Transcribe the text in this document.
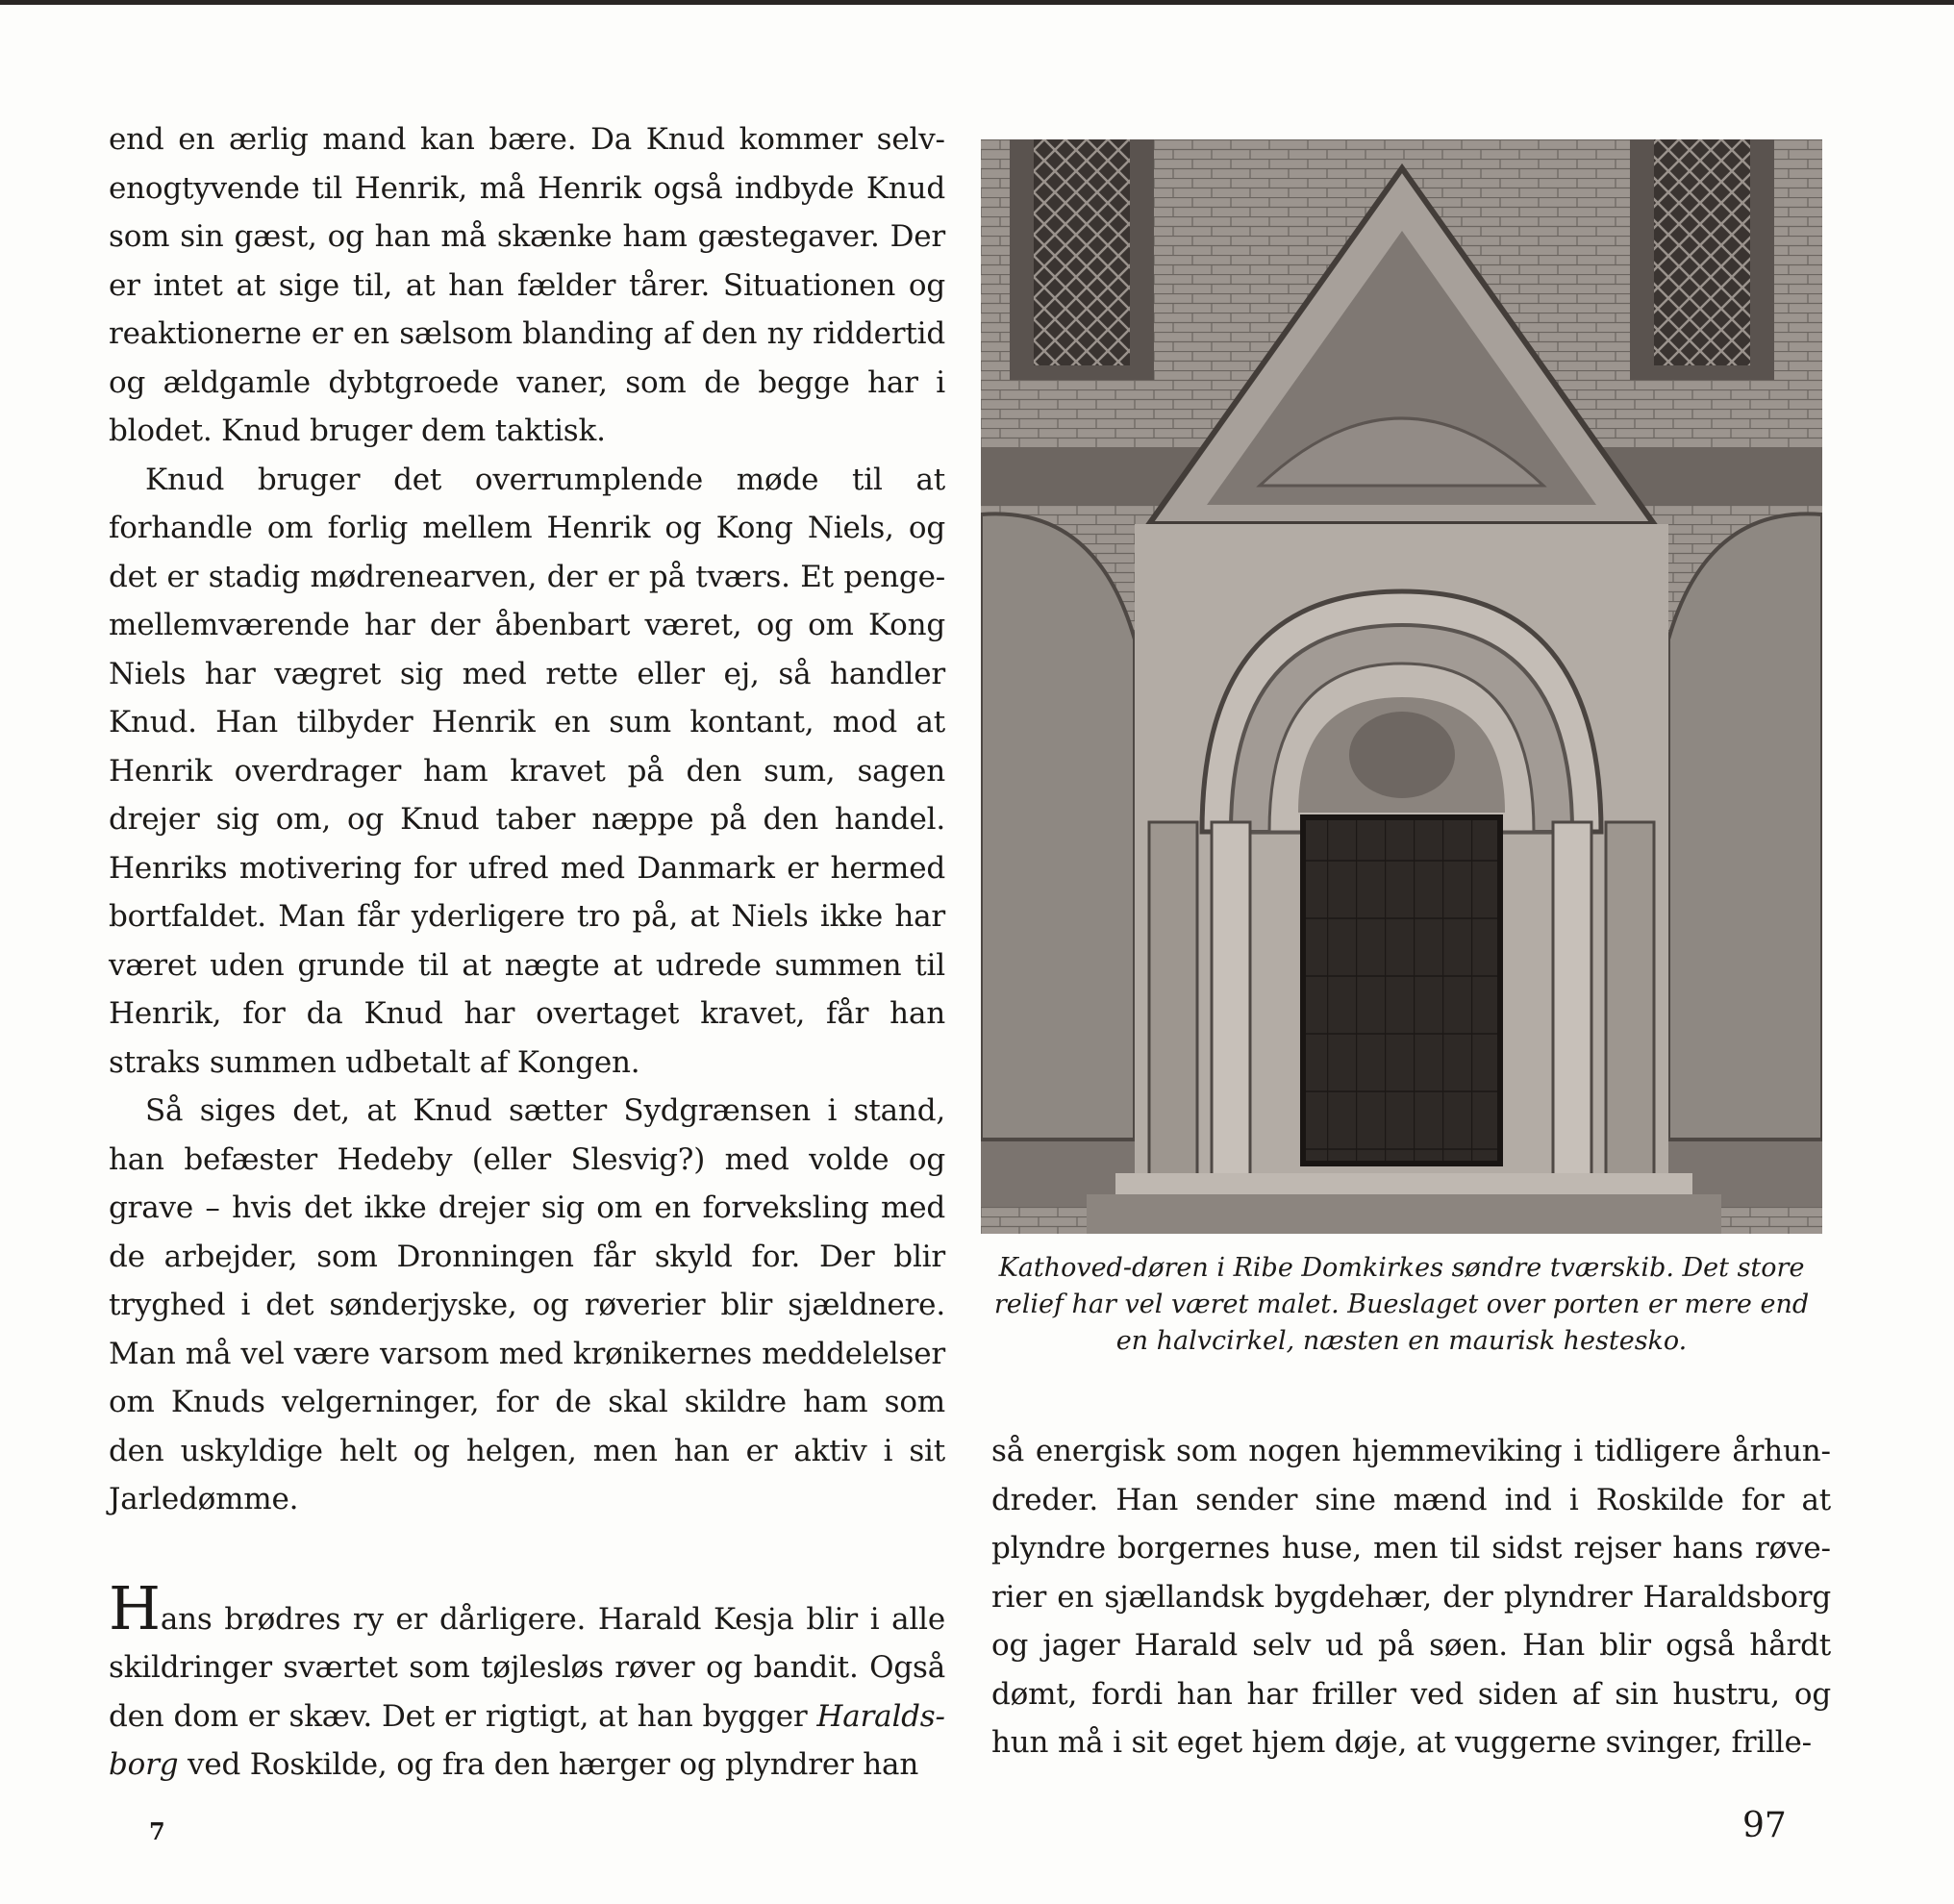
end en ærlig mand kan bære. Da Knud kommer selvenogtyvende til Henrik, må Henrik også indbyde Knud som sin gæst, og han må skænke ham gæstegaver. Der er intet at sige til, at han fælder tårer. Situationen og reaktionerne er en sælsom blanding af den ny riddertid og ældgamle dybtgroede vaner, som de begge har i blodet. Knud bruger dem taktisk.

Knud bruger det overrumplende møde til at forhandle om forlig mellem Henrik og Kong Niels, og det er stadig mødrenearven, der er på tværs. Et penge-mellemværende har der åbenbart været, og om Kong Niels har vægret sig med rette eller ej, så handler Knud. Han tilbyder Henrik en sum kontant, mod at Henrik overdrager ham kravet på den sum, sagen drejer sig om, og Knud taber næppe på den handel. Henriks motivering for ufred med Danmark er hermed bortfaldet. Man får yderligere tro på, at Niels ikke har været uden grunde til at nægte at udrede summen til Henrik, for da Knud har overtaget kravet, får han straks summen udbetalt af Kongen.

Så siges det, at Knud sætter Sydgrænsen i stand, han befæster Hedeby (eller Slesvig?) med volde og grave – hvis det ikke drejer sig om en forveksling med de arbejder, som Dronningen får skyld for. Der blir tryghed i det sønderjyske, og røverier blir sjældnere. Man må vel være varsom med krønikernes meddelelser om Knuds velgerninger, for de skal skildre ham som den uskyldige helt og helgen, men han er aktiv i sit Jarledømme.

Hans brødres ry er dårligere. Harald Kesja blir i alle skildringer sværtet som tøjlesløs røver og bandit. Også den dom er skæv. Det er rigtigt, at han bygger Haraldsborg ved Roskilde, og fra den hærger og plyndrer han

Kathoved-døren i Ribe Domkirkes søndre tværskib. Det store relief har vel været malet. Bueslaget over porten er mere end en halvcirkel, næsten en maurisk hestesko.

så energisk som nogen hjemmeviking i tidligere århundreder. Han sender sine mænd ind i Roskilde for at plyndre borgernes huse, men til sidst rejser hans røverier en sjællandsk bygdehær, der plyndrer Haraldsborg og jager Harald selv ud på søen. Han blir også hårdt dømt, fordi han har friller ved siden af sin hustru, og hun må i sit eget hjem døje, at vuggerne svinger, frille-

7	97
